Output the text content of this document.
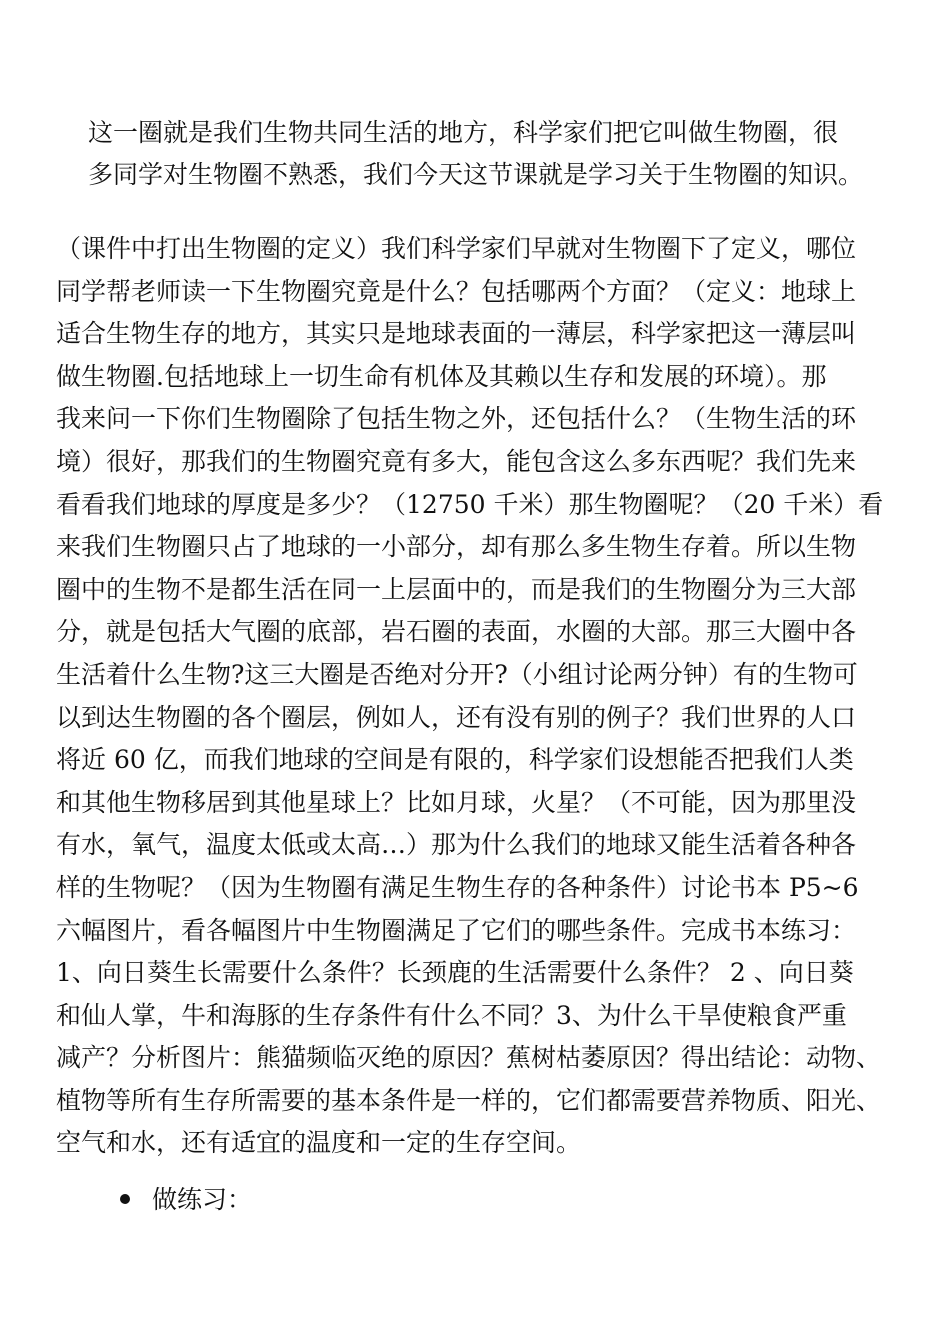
这一圈就是我们生物共同生活的地方，科学家们把它叫做生物圈，很
多同学对生物圈不熟悉，我们今天这节课就是学习关于生物圈的知识。
（课件中打出生物圈的定义）我们科学家们早就对生物圈下了定义，哪位
同学帮老师读一下生物圈究竟是什么？包括哪两个方面？（定义：地球上
适合生物生存的地方，其实只是地球表面的一薄层，科学家把这一薄层叫
做生物圈.包括地球上一切生命有机体及其赖以生存和发展的环境）。那
我来问一下你们生物圈除了包括生物之外，还包括什么？（生物生活的环
境）很好，那我们的生物圈究竟有多大，能包含这么多东西呢？我们先来
看看我们地球的厚度是多少？（12750 千米）那生物圈呢？（20 千米）看
来我们生物圈只占了地球的一小部分，却有那么多生物生存着。所以生物
圈中的生物不是都生活在同一上层面中的，而是我们的生物圈分为三大部
分，就是包括大气圈的底部，岩石圈的表面，水圈的大部。那三大圈中各
生活着什么生物?这三大圈是否绝对分开?（小组讨论两分钟）有的生物可
以到达生物圈的各个圈层，例如人，还有没有别的例子？我们世界的人口
将近 60 亿，而我们地球的空间是有限的，科学家们设想能否把我们人类
和其他生物移居到其他星球上？比如月球，火星？（不可能，因为那里没
有水，氧气，温度太低或太高…）那为什么我们的地球又能生活着各种各
样的生物呢？（因为生物圈有满足生物生存的各种条件）讨论书本 P5~6
六幅图片，看各幅图片中生物圈满足了它们的哪些条件。完成书本练习：
1、向日葵生长需要什么条件？长颈鹿的生活需要什么条件？ 2 、向日葵
和仙人掌，牛和海豚的生存条件有什么不同？3、为什么干旱使粮食严重
减产？分析图片：熊猫频临灭绝的原因？蕉树枯萎原因？得出结论：动物、
植物等所有生存所需要的基本条件是一样的，它们都需要营养物质、阳光、
空气和水，还有适宜的温度和一定的生存空间。
做练习：
